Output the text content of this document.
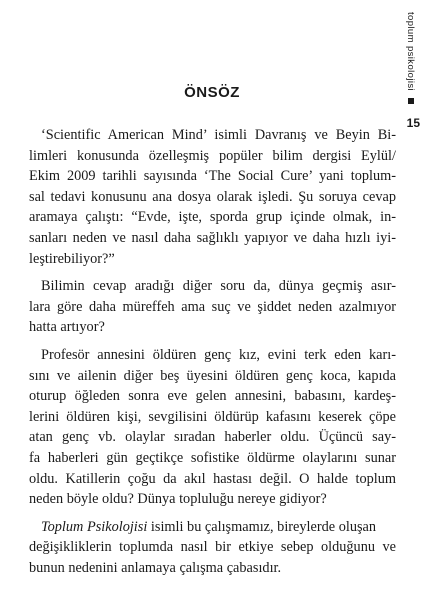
toplum psikolojisi
15
ÖNSÖZ

‘Scientific American Mind’ isimli Davranış ve Beyin Bi-
limleri konusunda özelleşmiş popüler bilim dergisi Eylül/
Ekim 2009 tarihli sayısında ‘The Social Cure’ yani toplum-
sal tedavi konusunu ana dosya olarak işledi. Şu soruya cevap
aramaya çalıştı: “Evde, işte, sporda grup içinde olmak, in-
sanları neden ve nasıl daha sağlıklı yapıyor ve daha hızlı iyi-
leştirebiliyor?”

Bilimin cevap aradığı diğer soru da, dünya geçmiş asır-
lara göre daha müreffeh ama suç ve şiddet neden azalmıyor
hatta artıyor?

Profesör annesini öldüren genç kız, evini terk eden karı-
sını ve ailenin diğer beş üyesini öldüren genç koca, kapıda
oturup öğleden sonra eve gelen annesini, babasını, kardeş-
lerini öldüren kişi, sevgilisini öldürüp kafasını keserek çöpe
atan genç vb. olaylar sıradan haberler oldu. Üçüncü say-
fa haberleri gün geçtikçe sofistike öldürme olaylarını sunar
oldu. Katillerin çoğu da akıl hastası değil. O halde toplum
neden böyle oldu? Dünya topluluğu nereye gidiyor?

Toplum Psikolojisi isimli bu çalışmamız, bireylerde oluşan
değişikliklerin toplumda nasıl bir etkiye sebep olduğunu ve
bunun nedenini anlamaya çalışma çabasıdır.
